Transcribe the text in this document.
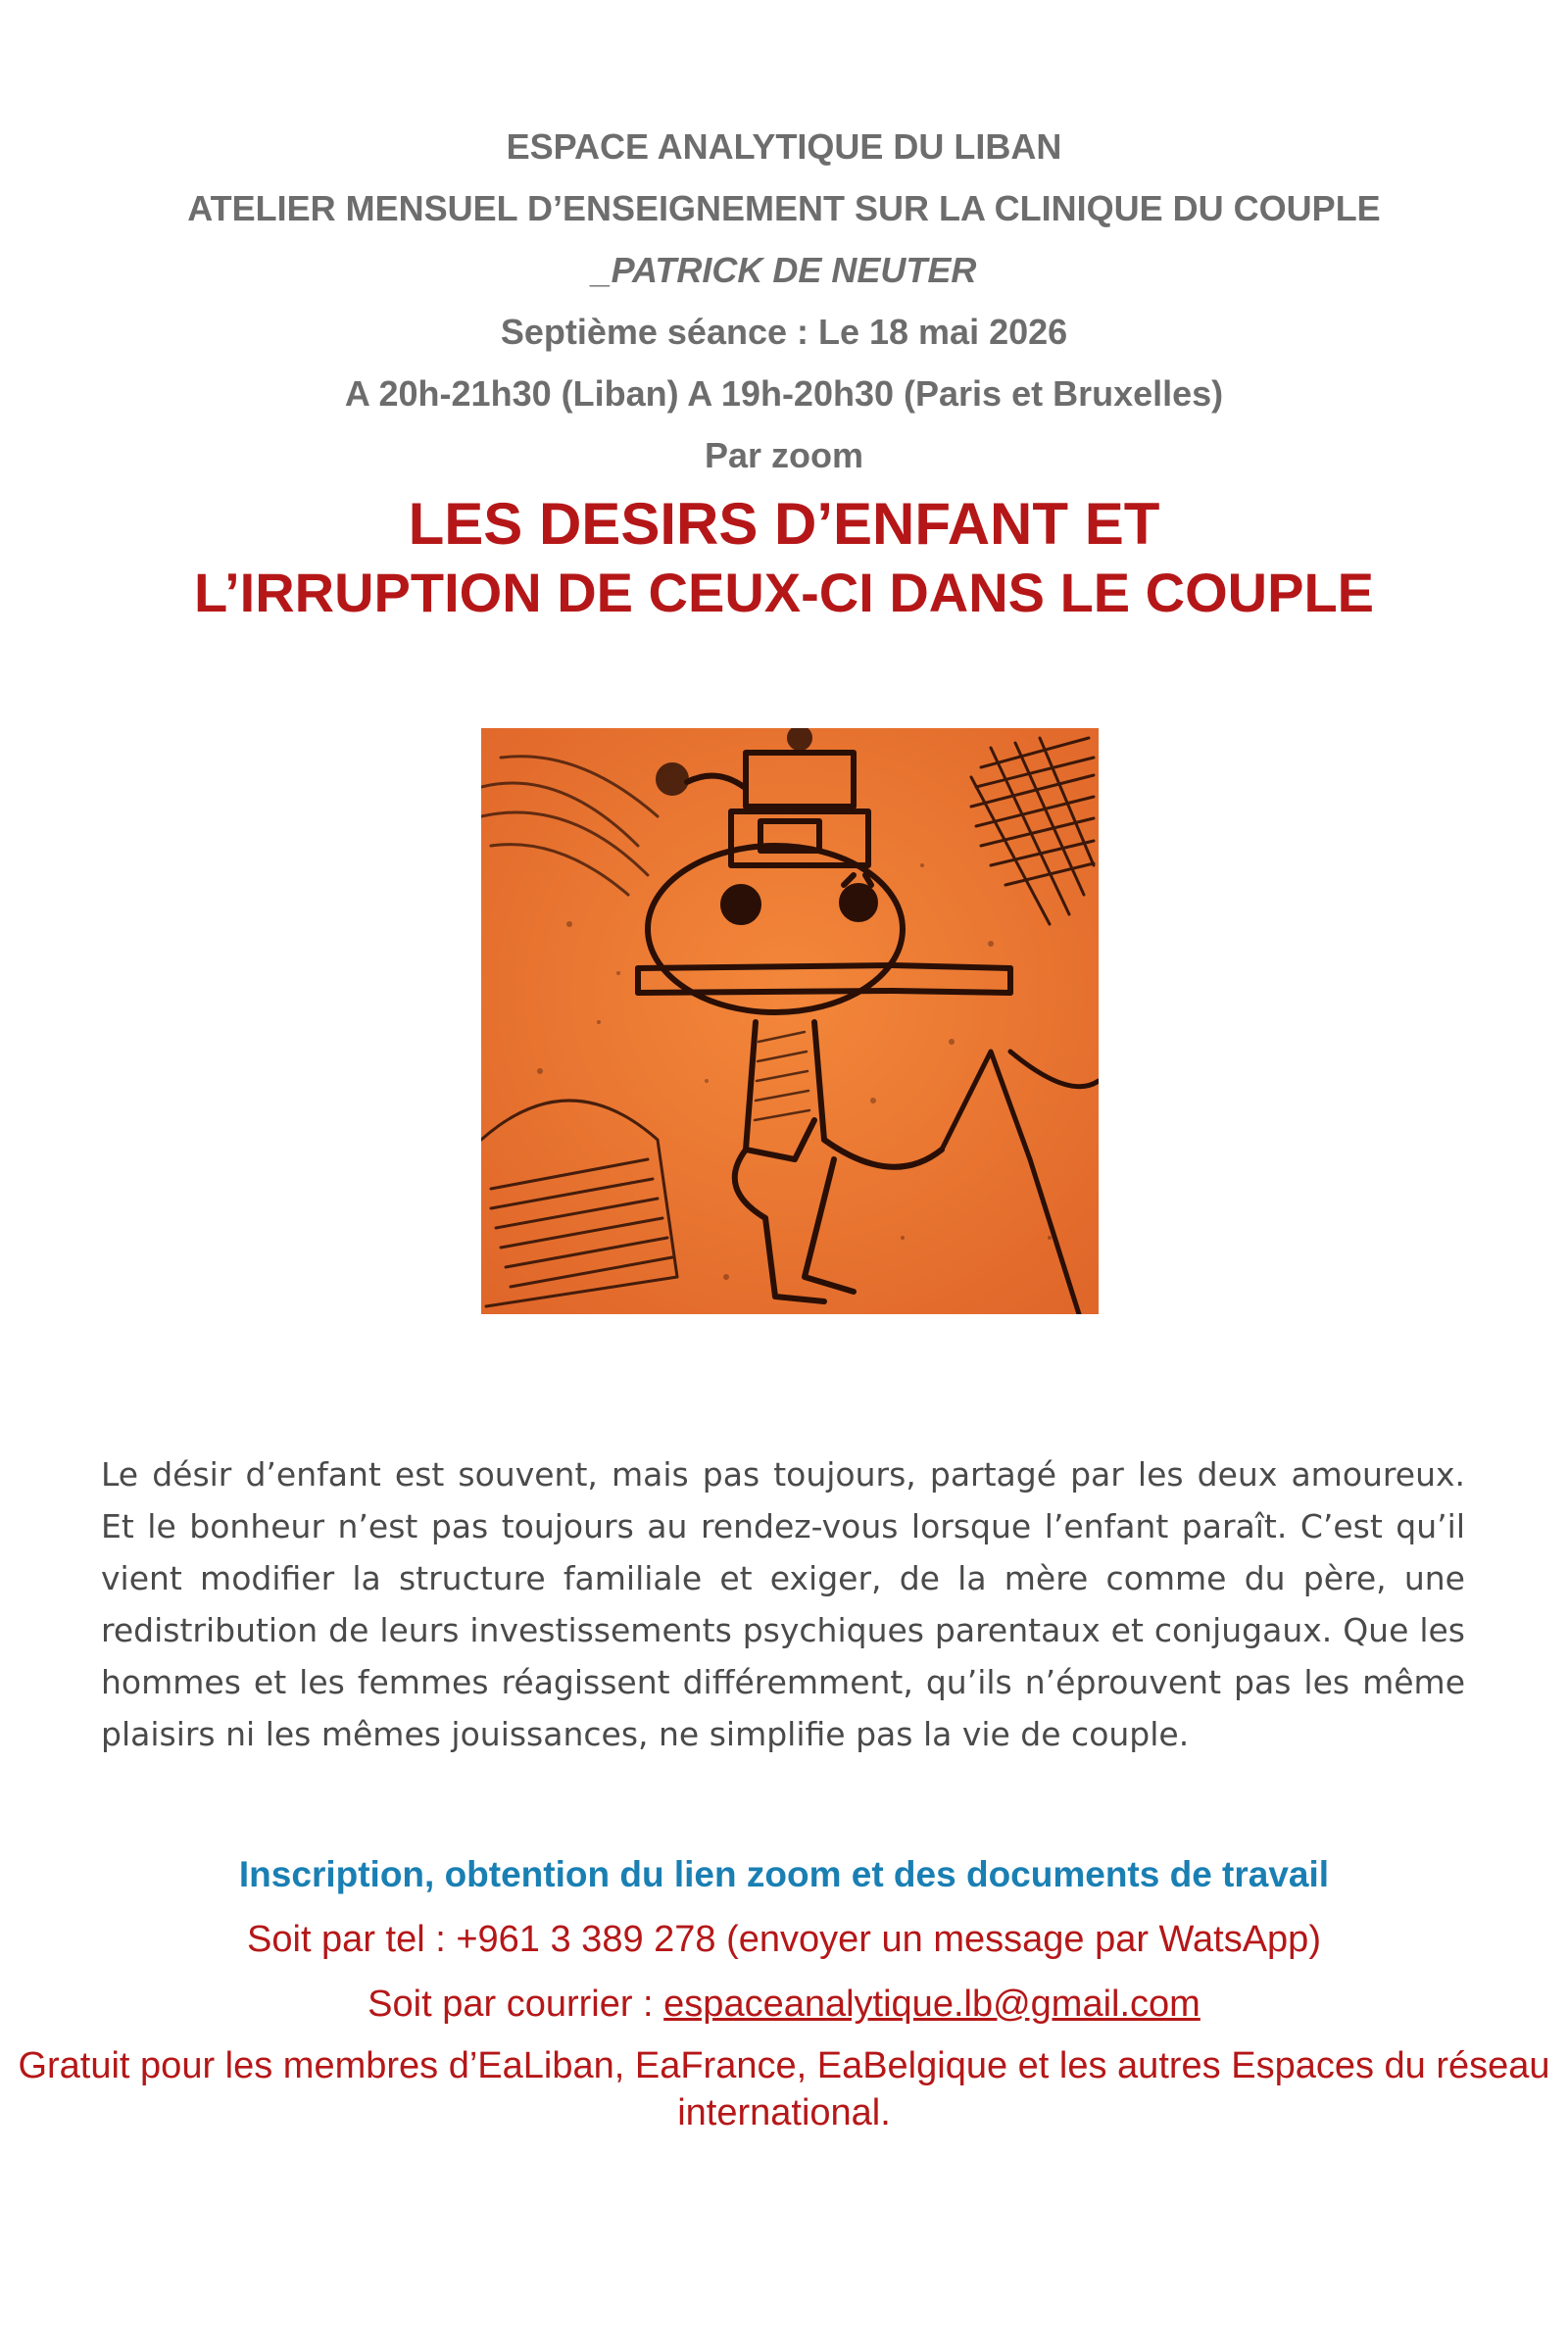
ESPACE ANALYTIQUE DU LIBAN

ATELIER MENSUEL D’ENSEIGNEMENT SUR LA CLINIQUE DU COUPLE

_PATRICK DE NEUTER

Septième séance : Le 18 mai 2026

A 20h-21h30 (Liban) A 19h-20h30 (Paris et Bruxelles)

Par zoom

LES DESIRS D’ENFANT ET
L’IRRUPTION DE CEUX-CI DANS LE COUPLE

Le désir d’enfant est souvent, mais pas toujours, partagé par les deux amoureux. Et le bonheur n’est pas toujours au rendez-vous lorsque l’enfant paraît. C’est qu’il vient modifier la structure familiale et exiger, de la mère comme du père, une redistribution de leurs investissements psychiques parentaux et conjugaux. Que les hommes et les femmes réagissent différemment, qu’ils n’éprouvent pas les même plaisirs ni les mêmes jouissances, ne simplifie pas la vie de couple.

Inscription, obtention du lien zoom et des documents de travail
Soit par tel : +961 3 389 278 (envoyer un message par WatsApp)
Soit par courrier : espaceanalytique.lb@gmail.com
Gratuit pour les membres d’EaLiban, EaFrance, EaBelgique et les autres Espaces du réseau international.
